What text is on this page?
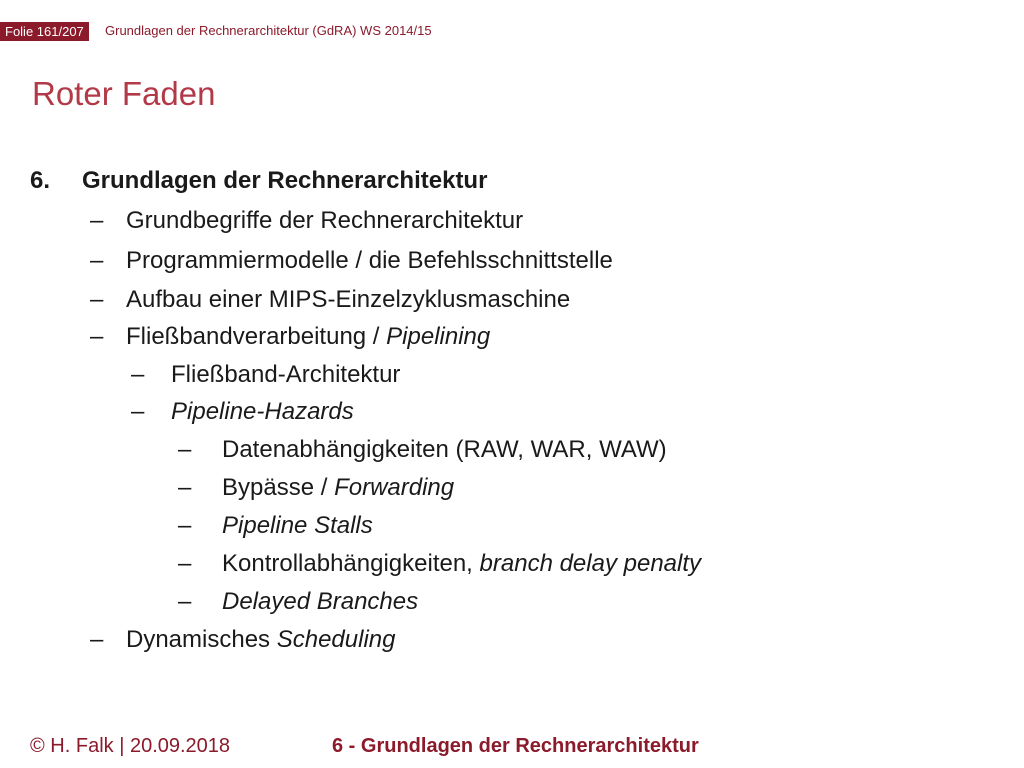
Folie 161/207	Grundlagen der Rechnerarchitektur (GdRA) WS 2014/15
Roter Faden
6. Grundlagen der Rechnerarchitektur
– Grundbegriffe der Rechnerarchitektur
– Programmiermodelle / die Befehlsschnittstelle
– Aufbau einer MIPS-Einzelzyklusmaschine
– Fließbandverarbeitung / Pipelining
– Fließband-Architektur
– Pipeline-Hazards
– Datenabhängigkeiten (RAW, WAR, WAW)
– Bypässe / Forwarding
– Pipeline Stalls
– Kontrollabhängigkeiten, branch delay penalty
– Delayed Branches
– Dynamisches Scheduling
© H. Falk | 20.09.2018	6 - Grundlagen der Rechnerarchitektur
